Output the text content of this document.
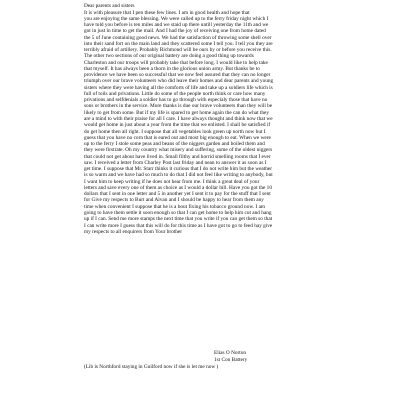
Dear parents and sisters
It is with pleasure that I pen these few lines. I am in good health and hope that
you are enjoying the same blessing. We were called up to the ferry friday night which I
have told you before is ten miles and we staid up there untill yesterday the 11th and we
got in just in time to get the mail. And I had the joy of receiving one from home dated
the 5 of June containing good news. We had the satisfaction of throwing some shell over
into their sand fort on the main land and they scattered some I tell you. I tell you they are
terribly afraid of artillery. Probably Richmond will be ours by or before you receive this.
The other two sections of our original battery are doing a good thing up towards
Charleston and our troops will probably take that before long. I would like to help take
that myself. It has always been a thorn in the glorious union army. But thanks be to
providence we have been so successful that we now feel assured that they can no longer
triumph over our brave volunteers who did leave their homes and dear parents and young
sisters where they were having all the comforts of life and take up a soldiers life which is
full of toils and privations. Little do some of the people north think or care how many
privations and selfdenials a soldier has to go through with especialy those that have no
sons or brothers in the service. More thanks is due our brave volunteers than they will be
likely to get from some. But if my life is spared to get home again the can do what they
are a mind to with their praise for all I care. I have always thought and think now that we
would get home in just about a year from the time that we enlisted. I shall be satisfied if
do get home then all right. I suppose that all vegetables look green up north now but I
guess that you have no corn that is eared out and most big enough to eat. When we were
up to the ferry I stole some peas and beans of the niggers garden and boiled them and
they were firstrate. Oh my country what misery and suffering, some of the oldest niggers
that could not get about have lived in. Small filthy and horrid smelling rooms that I ever
saw. I received a letter from Charley Post last friday and nean to answer it as soon as I
get time. I suppose that Mr. Starr thinks it curious that I do not write him but the weather
is so warm and we have had so much to do that I did not feel like writing to anybody, but
I want him to keep writing if he does not hear from me. I think a great deal of your
letters and save every one of them as choice as I would a dollar bill. Have you got the 10
dollars that I sent in one letter and 5 in another yet I sent it to pay for the stuff that I sent
for Give my respects to Burt and Alvan and I should be happy to hear from them any
time when convenient I suppose that he is a bout fixing his tobacco ground now. I am
going to have them settle it soon enough so that I can get home to help him cut and hang
up if I can. Send me more stamps the next time that you write if you can get them so that
I can write more I guess that this will do for this time as I have got to go to feed hay give
my respects to all enquirers from Your brother
Elias O Norton
1st Con Battery
(Lib is Northford staying in Guilford now if she is let me now )
